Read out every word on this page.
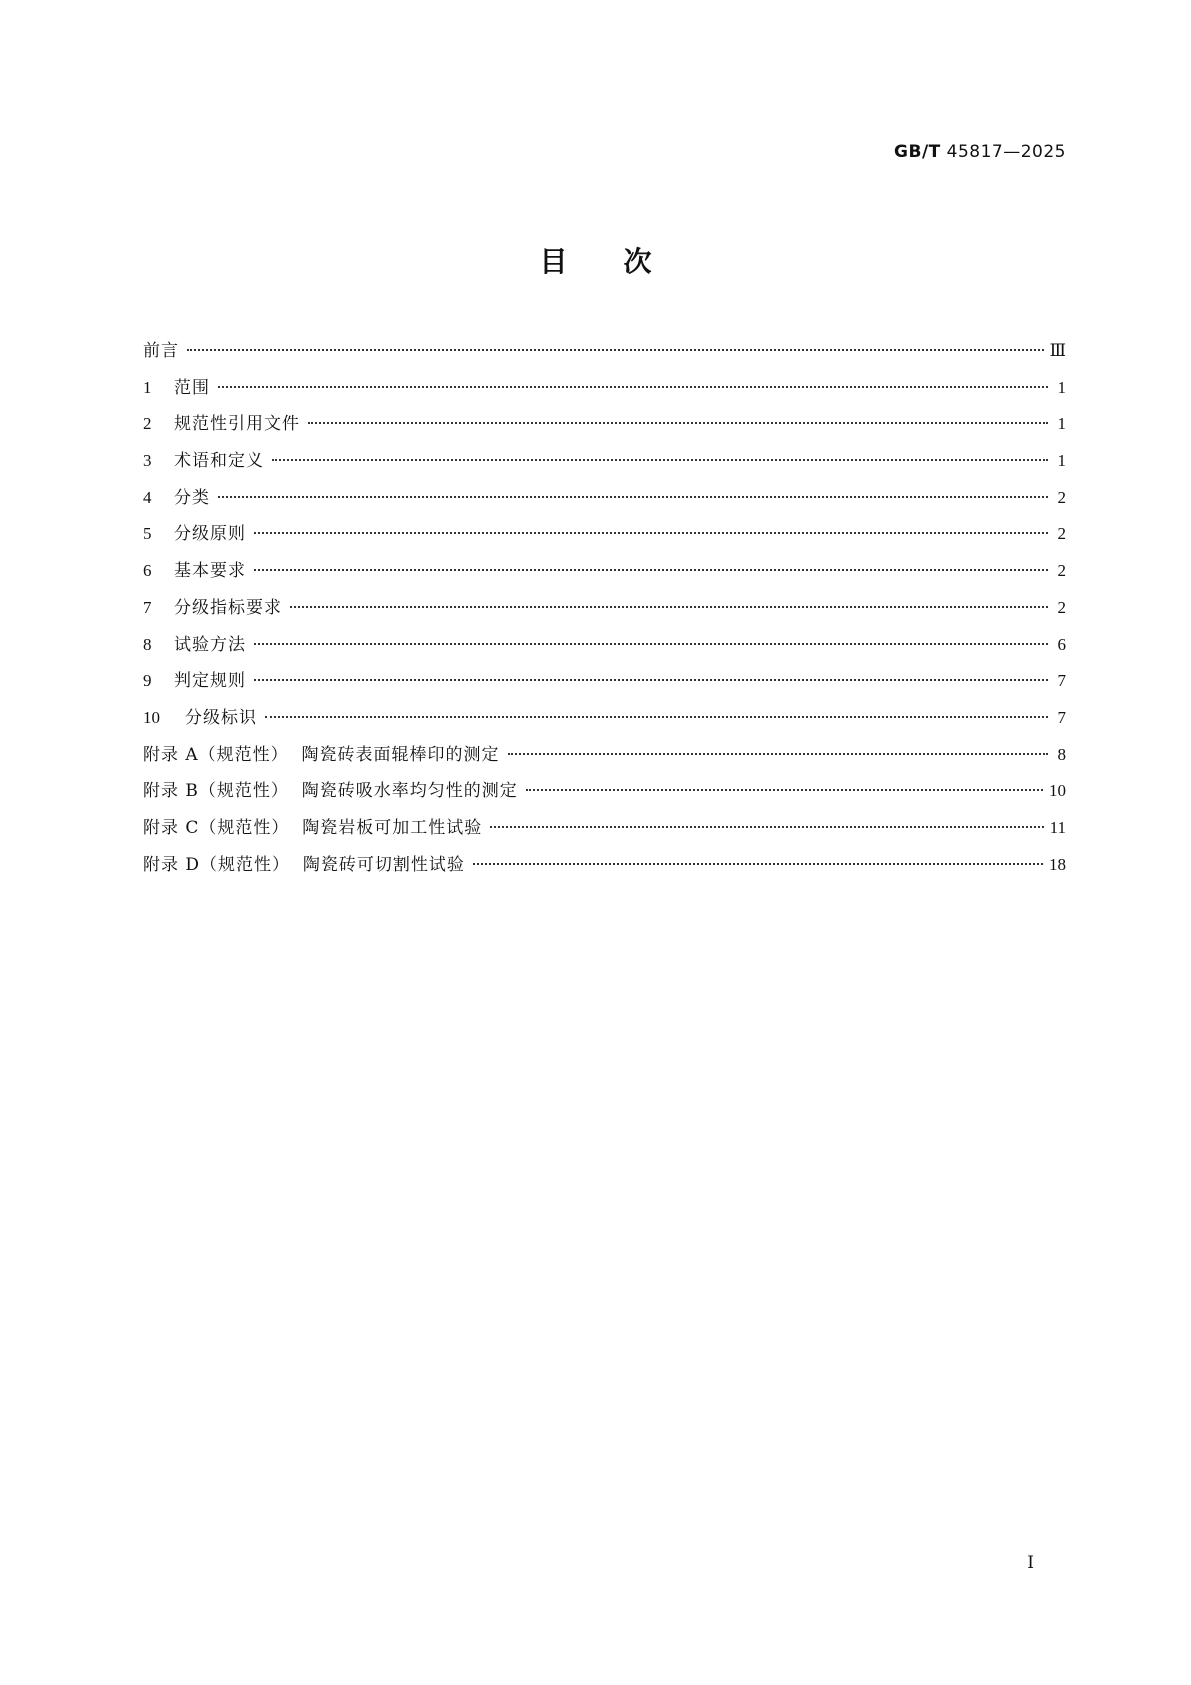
GB/T 45817—2025
目次
前言	Ⅲ
1	范围	1
2	规范性引用文件	1
3	术语和定义	1
4	分类	2
5	分级原则	2
6	基本要求	2
7	分级指标要求	2
8	试验方法	6
9	判定规则	7
10	分级标识	7
附录 A（规范性）  陶瓷砖表面辊棒印的测定	8
附录 B（规范性）  陶瓷砖吸水率均匀性的测定	10
附录 C（规范性）  陶瓷岩板可加工性试验	11
附录 D（规范性）  陶瓷砖可切割性试验	18
Ⅰ
